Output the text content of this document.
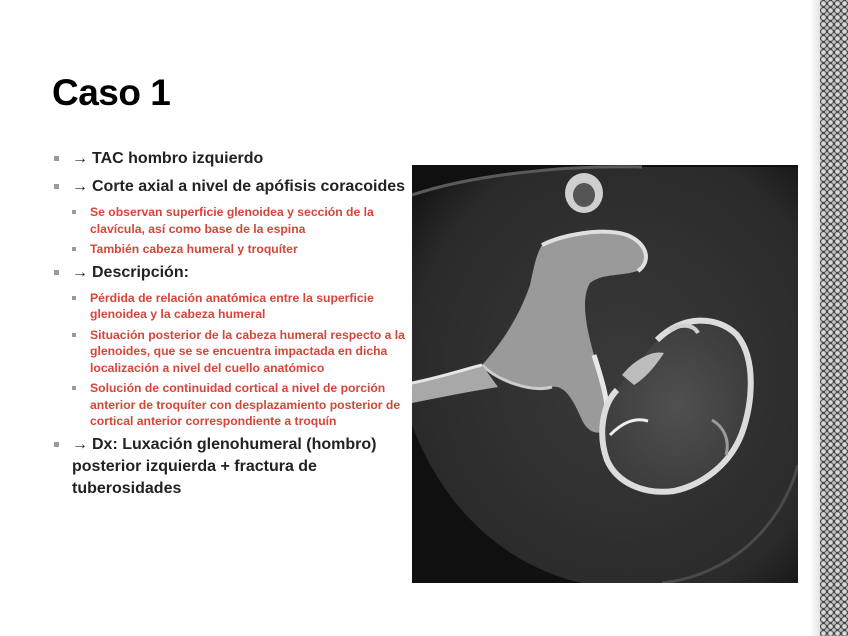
Caso 1
→ TAC hombro izquierdo
→ Corte axial a nivel de apófisis coracoides
Se observan superficie glenoidea y sección de la clavícula, así como base de la espina
También cabeza humeral y troquíter
→ Descripción:
Pérdida de relación anatómica entre la superficie glenoidea y la cabeza humeral
Situación posterior de la cabeza humeral respecto a la glenoides, que se se encuentra impactada en dicha localización a nivel del cuello anatómico
Solución de continuidad cortical a nivel de porción anterior de troquíter con desplazamiento posterior de cortical anterior correspondiente a troquín
→ Dx: Luxación glenohumeral (hombro) posterior izquierda + fractura de tuberosidades
